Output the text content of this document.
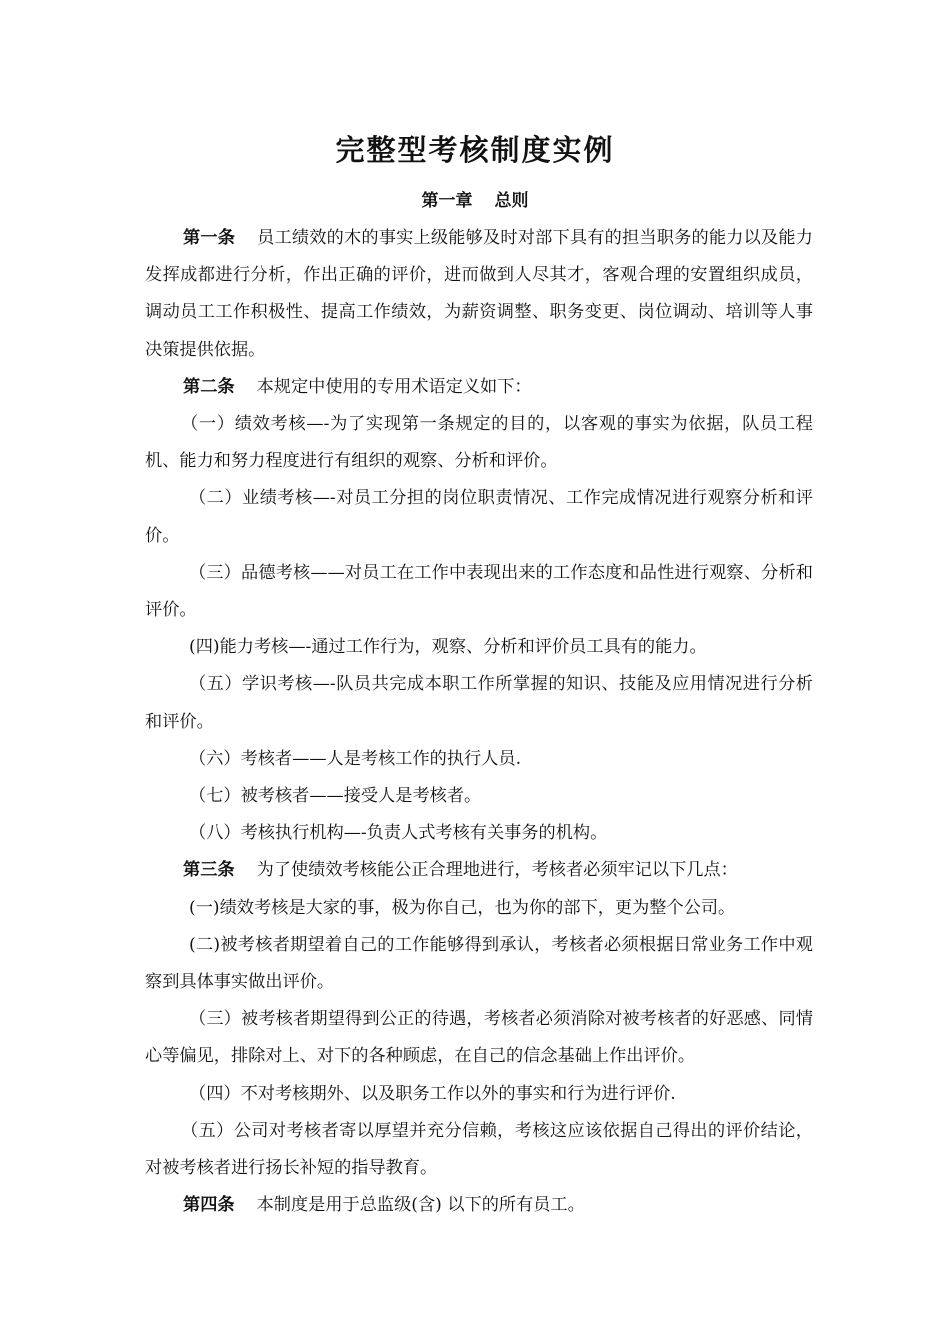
完整型考核制度实例
第一章 总则

第一条 员工绩效的木的事实上级能够及时对部下具有的担当职务的能力以及能力发挥成都进行分析，作出正确的评价，进而做到人尽其才，客观合理的安置组织成员，调动员工工作积极性、提高工作绩效，为薪资调整、职务变更、岗位调动、培训等人事决策提供依据。

第二条 本规定中使用的专用术语定义如下：

（一）绩效考核—-为了实现第一条规定的目的，以客观的事实为依据，队员工程机、能力和努力程度进行有组织的观察、分析和评价。

（二）业绩考核—-对员工分担的岗位职责情况、工作完成情况进行观察分析和评价。

（三）品德考核——对员工在工作中表现出来的工作态度和品性进行观察、分析和评价。

(四)能力考核—-通过工作行为，观察、分析和评价员工具有的能力。

（五）学识考核—-队员共完成本职工作所掌握的知识、技能及应用情况进行分析和评价。

（六）考核者——人是考核工作的执行人员.

（七）被考核者——接受人是考核者。

（八）考核执行机构—-负责人式考核有关事务的机构。

第三条 为了使绩效考核能公正合理地进行，考核者必须牢记以下几点：

(一)绩效考核是大家的事，极为你自己，也为你的部下，更为整个公司。

(二)被考核者期望着自己的工作能够得到承认，考核者必须根据日常业务工作中观察到具体事实做出评价。

（三）被考核者期望得到公正的待遇，考核者必须消除对被考核者的好恶感、同情心等偏见，排除对上、对下的各种顾虑，在自己的信念基础上作出评价。

（四）不对考核期外、以及职务工作以外的事实和行为进行评价.

（五）公司对考核者寄以厚望并充分信赖，考核这应该依据自己得出的评价结论，对被考核者进行扬长补短的指导教育。

第四条 本制度是用于总监级(含) 以下的所有员工。
